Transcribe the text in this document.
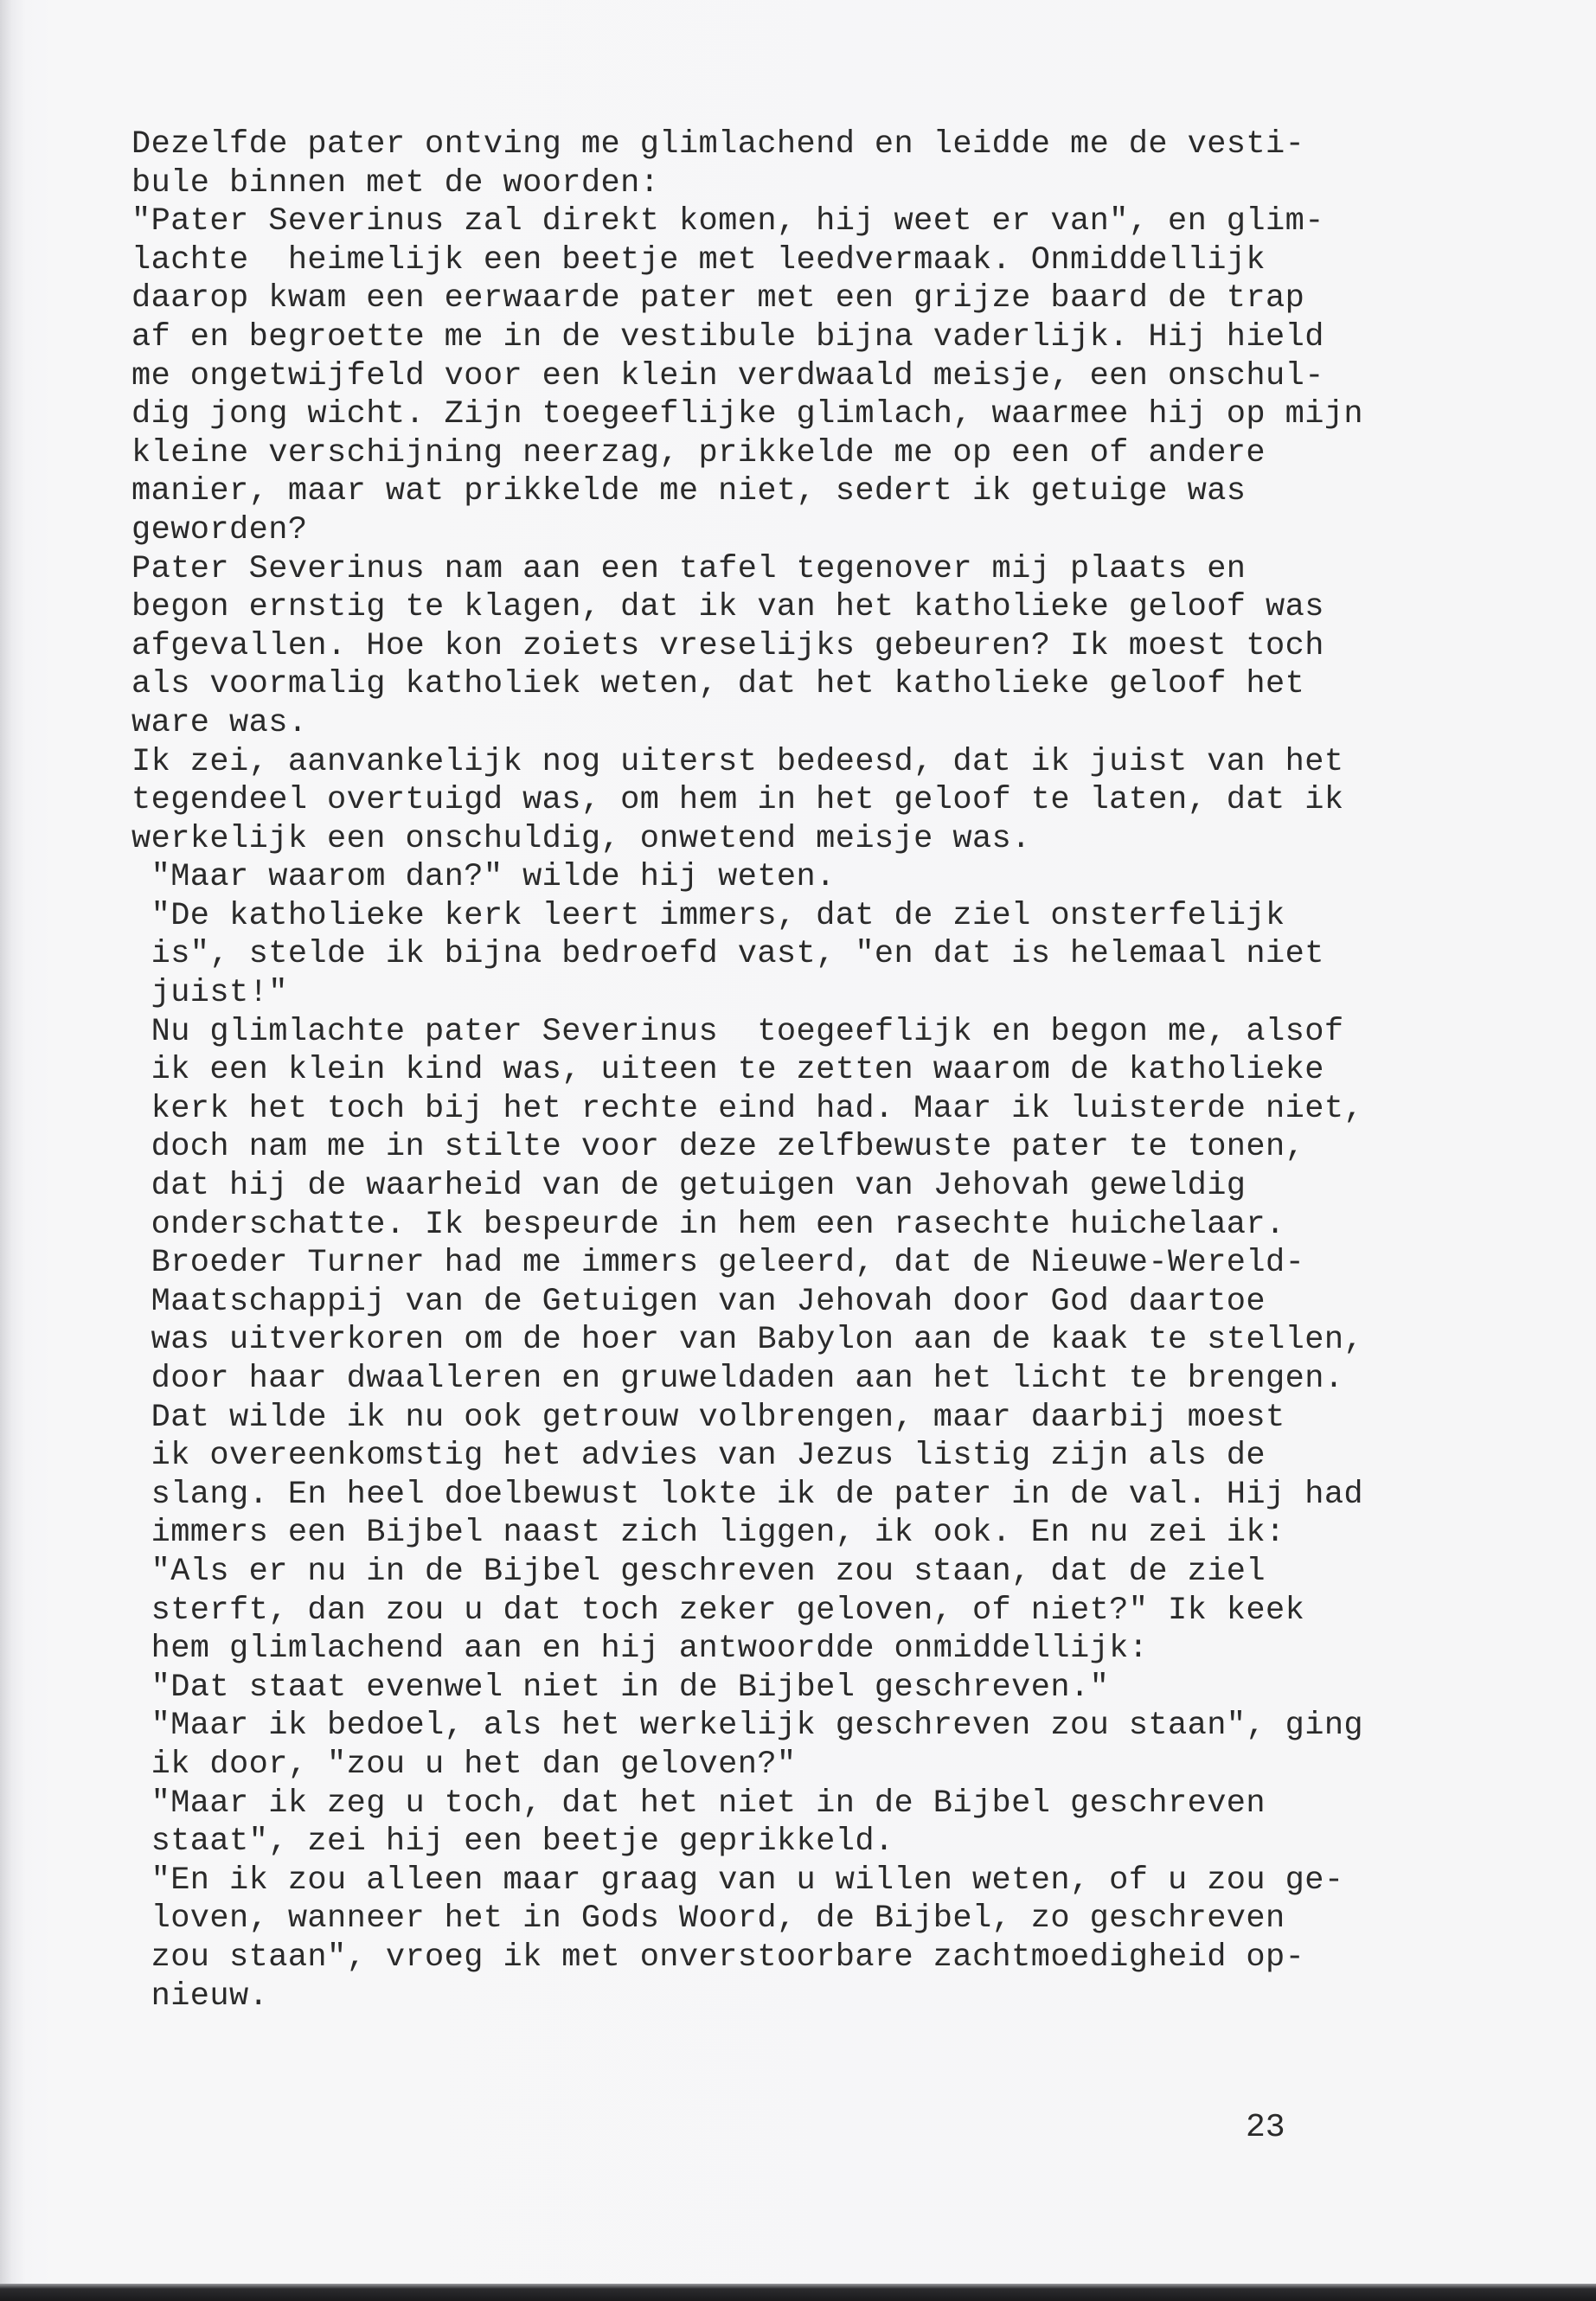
Dezelfde pater ontving me glimlachend en leidde me de vesti-
bule binnen met de woorden:
"Pater Severinus zal direkt komen, hij weet er van", en glim-
lachte  heimelijk een beetje met leedvermaak. Onmiddellijk
daarop kwam een eerwaarde pater met een grijze baard de trap
af en begroette me in de vestibule bijna vaderlijk. Hij hield
me ongetwijfeld voor een klein verdwaald meisje, een onschul-
dig jong wicht. Zijn toegeeflijke glimlach, waarmee hij op mijn
kleine verschijning neerzag, prikkelde me op een of andere
manier, maar wat prikkelde me niet, sedert ik getuige was
geworden?
Pater Severinus nam aan een tafel tegenover mij plaats en
begon ernstig te klagen, dat ik van het katholieke geloof was
afgevallen. Hoe kon zoiets vreselijks gebeuren? Ik moest toch
als voormalig katholiek weten, dat het katholieke geloof het
ware was.
Ik zei, aanvankelijk nog uiterst bedeesd, dat ik juist van het
tegendeel overtuigd was, om hem in het geloof te laten, dat ik
werkelijk een onschuldig, onwetend meisje was.
"Maar waarom dan?" wilde hij weten.
"De katholieke kerk leert immers, dat de ziel onsterfelijk
is", stelde ik bijna bedroefd vast, "en dat is helemaal niet
juist!"
Nu glimlachte pater Severinus  toegeeflijk en begon me, alsof
ik een klein kind was, uiteen te zetten waarom de katholieke
kerk het toch bij het rechte eind had. Maar ik luisterde niet,
doch nam me in stilte voor deze zelfbewuste pater te tonen,
dat hij de waarheid van de getuigen van Jehovah geweldig
onderschatte. Ik bespeurde in hem een rasechte huichelaar.
Broeder Turner had me immers geleerd, dat de Nieuwe-Wereld-
Maatschappij van de Getuigen van Jehovah door God daartoe
was uitverkoren om de hoer van Babylon aan de kaak te stellen,
door haar dwaalleren en gruweldaden aan het licht te brengen.
Dat wilde ik nu ook getrouw volbrengen, maar daarbij moest
ik overeenkomstig het advies van Jezus listig zijn als de
slang. En heel doelbewust lokte ik de pater in de val. Hij had
immers een Bijbel naast zich liggen, ik ook. En nu zei ik:
"Als er nu in de Bijbel geschreven zou staan, dat de ziel
sterft, dan zou u dat toch zeker geloven, of niet?" Ik keek
hem glimlachend aan en hij antwoordde onmiddellijk:
"Dat staat evenwel niet in de Bijbel geschreven."
"Maar ik bedoel, als het werkelijk geschreven zou staan", ging
ik door, "zou u het dan geloven?"
"Maar ik zeg u toch, dat het niet in de Bijbel geschreven
staat", zei hij een beetje geprikkeld.
"En ik zou alleen maar graag van u willen weten, of u zou ge-
loven, wanneer het in Gods Woord, de Bijbel, zo geschreven
zou staan", vroeg ik met onverstoorbare zachtmoedigheid op-
nieuw.
23
